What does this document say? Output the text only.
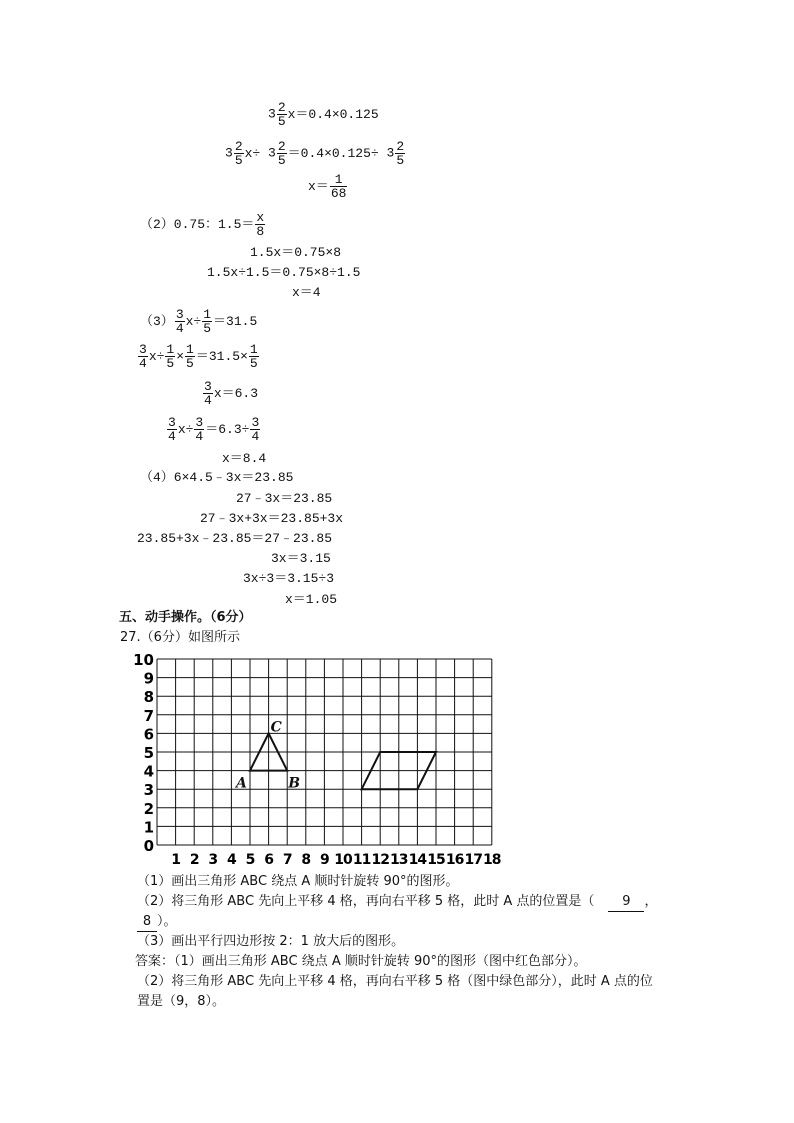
$3 \frac{2}{5} x=0.4\times 0.125$
$3 \frac{2}{5} x\div 3 \frac{2}{5} =0.4\times 0.125\div 3 \frac{2}{5}$
$x= \frac{1}{68}$
（2）0.75：$1.5= \frac{x}{8}$
1.5x＝0.75×8
1.5x÷1.5＝0.75×8÷1.5
x＝4
$(3) \frac{3}{4} x\div \frac{1}{5} =31.5$
$\frac{3}{4} x\div \frac{1}{5} \times \frac{1}{5} =31.5\times \frac{1}{5}$
$\frac{3}{4} x=6.3$
$\frac{3}{4} x\div \frac{3}{4} =6.3\div \frac{3}{4}$
x＝8.4
（4）6×4.5﹣3x＝23.85
27﹣3x＝23.85
27﹣3x+3x＝23.85+3x
23.85+3x﹣23.85＝27﹣23.85
3x＝3.15
3x÷3＝3.15÷3
x＝1.05
五、动手操作。（6分）
27.（6分）如图所示
10
9
8
7
6
5
4
3
2
1
0
1 2 3 4 5 6 7 8 9 10 11 12 13 14 15 16 17 18
A	B
C
（1）画出三角形 ABC 绕点 A 顺时针旋转 90°的图形。
（2）将三角形 ABC 先向上平移 4 格，再向右平移 5 格，此时 A 点的位置是（ 9 ，
8 ）。
（3）画出平行四边形按 2：1 放大后的图形。
答案：（1）画出三角形 ABC 绕点 A 顺时针旋转 90°的图形（图中红色部分）。
（2）将三角形 ABC 先向上平移 4 格，再向右平移 5 格（图中绿色部分），此时 A 点的位
置是（9，8）。
